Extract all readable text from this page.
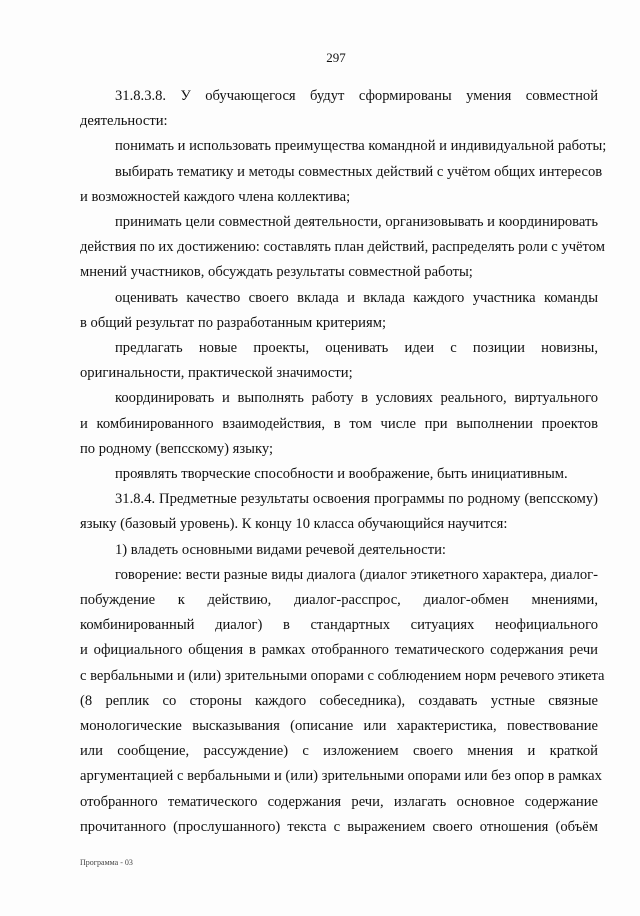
297
31.8.3.8. У обучающегося будут сформированы умения совместной
деятельности:
понимать и использовать преимущества командной и индивидуальной работы;
выбирать тематику и методы совместных действий с учётом общих интересов
и возможностей каждого члена коллектива;
принимать цели совместной деятельности, организовывать и координировать
действия по их достижению: составлять план действий, распределять роли с учётом
мнений участников, обсуждать результаты совместной работы;
оценивать качество своего вклада и вклада каждого участника команды
в общий результат по разработанным критериям;
предлагать новые проекты, оценивать идеи с позиции новизны,
оригинальности, практической значимости;
координировать и выполнять работу в условиях реального, виртуального
и комбинированного взаимодействия, в том числе при выполнении проектов
по родному (вепсскому) языку;
проявлять творческие способности и воображение, быть инициативным.
31.8.4. Предметные результаты освоения программы по родному (вепсскому)
языку (базовый уровень). К концу 10 класса обучающийся научится:
1) владеть основными видами речевой деятельности:
говорение: вести разные виды диалога (диалог этикетного характера, диалог-
побуждение к действию, диалог-расспрос, диалог-обмен мнениями,
комбинированный диалог) в стандартных ситуациях неофициального
и официального общения в рамках отобранного тематического содержания речи
с вербальными и (или) зрительными опорами с соблюдением норм речевого этикета
(8 реплик со стороны каждого собеседника), создавать устные связные
монологические высказывания (описание или характеристика, повествование
или сообщение, рассуждение) с изложением своего мнения и краткой
аргументацией с вербальными и (или) зрительными опорами или без опор в рамках
отобранного тематического содержания речи, излагать основное содержание
прочитанного (прослушанного) текста с выражением своего отношения (объём
Программа - 03
